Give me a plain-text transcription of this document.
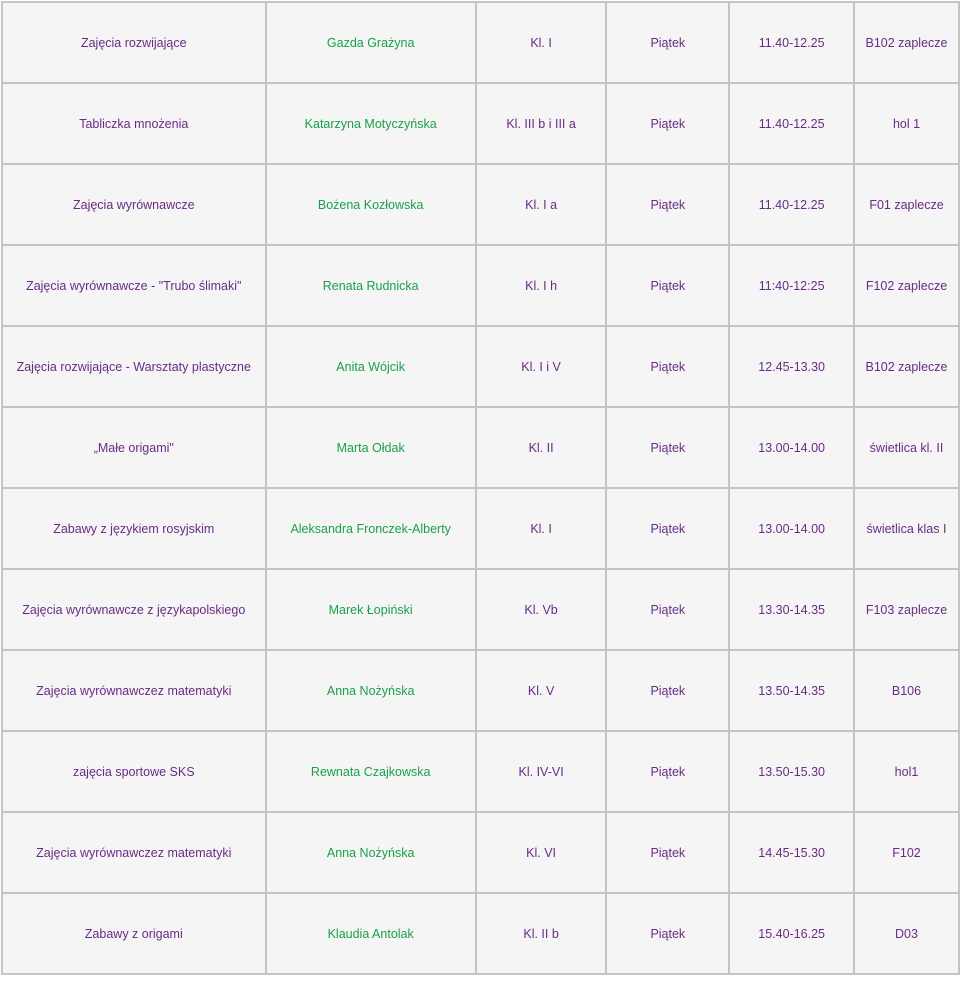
Zajęcia rozwijające	Gazda Grażyna	Kl. I	Piątek	11.40-12.25	B102 zaplecze
Tabliczka mnożenia	Katarzyna Motyczyńska	Kl. III b i III a	Piątek	11.40-12.25	hol 1
Zajęcia wyrównawcze	Bożena Kozłowska	Kl. I a	Piątek	11.40-12.25	F01 zaplecze
Zajęcia wyrównawcze - "Trubo ślimaki"	Renata Rudnicka	Kl. I h	Piątek	11:40-12:25	F102 zaplecze
Zajęcia rozwijające - Warsztaty plastyczne	Anita Wójcik	Kl. I i V	Piątek	12.45-13.30	B102 zaplecze
„Małe origami"	Marta Ołdak	Kl. II	Piątek	13.00-14.00	świetlica kl. II
Zabawy z językiem rosyjskim	Aleksandra Fronczek-Alberty	Kl. I	Piątek	13.00-14.00	świetlica klas I
Zajęcia wyrównawcze z językapolskiego	Marek Łopiński	Kl. Vb	Piątek	13.30-14.35	F103 zaplecze
Zajęcia wyrównawczez matematyki	Anna Nożyńska	Kl. V	Piątek	13.50-14.35	B106
zajęcia sportowe SKS	Rewnata Czajkowska	Kl. IV-VI	Piątek	13.50-15.30	hol1
Zajęcia wyrównawczez matematyki	Anna Nożyńska	Kl. VI	Piątek	14.45-15.30	F102
Zabawy z origami	Klaudia Antolak	Kl. II b	Piątek	15.40-16.25	D03
